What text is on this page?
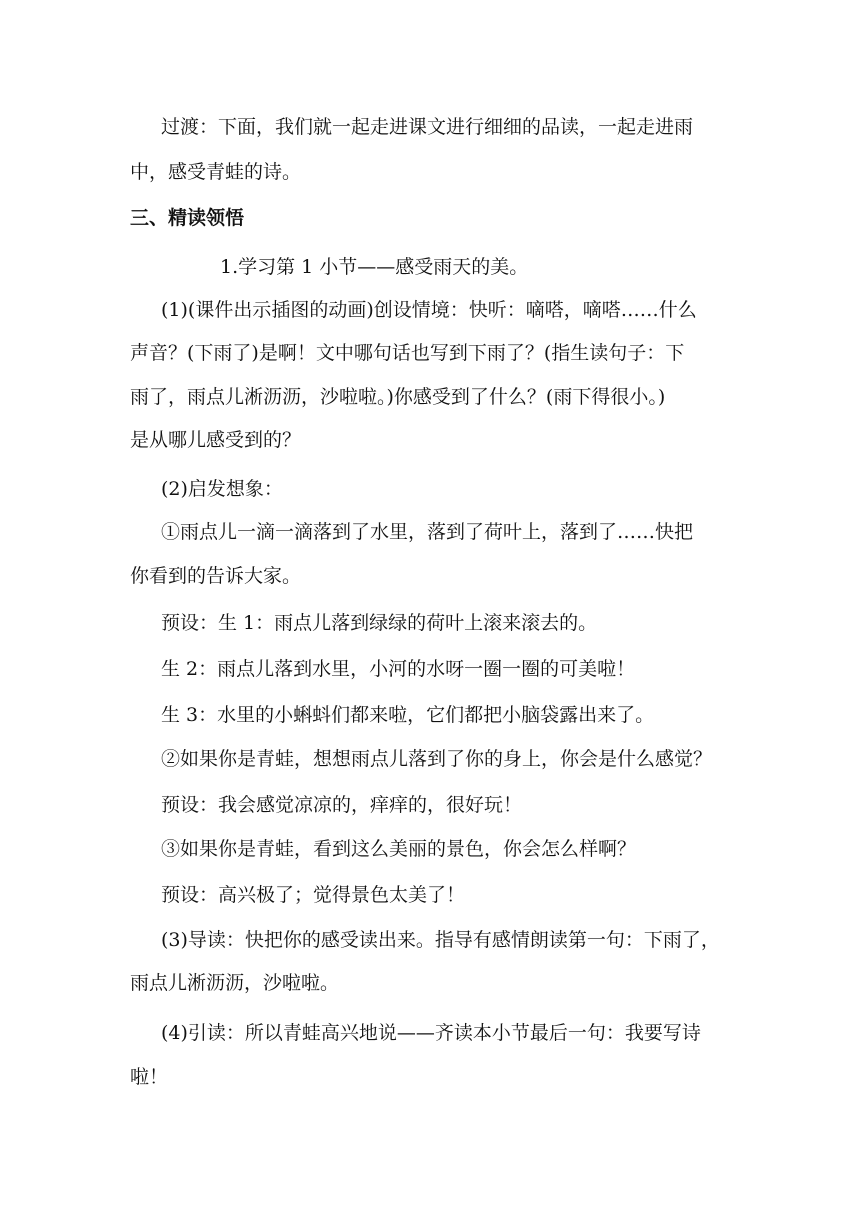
过渡：下面，我们就一起走进课文进行细细的品读，一起走进雨
中，感受青蛙的诗。
三、精读领悟
1.学习第 1 小节——感受雨天的美。
(1)(课件出示插图的动画)创设情境：快听：嘀嗒，嘀嗒……什么
声音？(下雨了)是啊！文中哪句话也写到下雨了？(指生读句子：下
雨了，雨点儿淅沥沥，沙啦啦。)你感受到了什么？(雨下得很小。)
是从哪儿感受到的？
(2)启发想象：
①雨点儿一滴一滴落到了水里，落到了荷叶上，落到了……快把
你看到的告诉大家。
预设：生 1：雨点儿落到绿绿的荷叶上滚来滚去的。
生 2：雨点儿落到水里，小河的水呀一圈一圈的可美啦！
生 3：水里的小蝌蚪们都来啦，它们都把小脑袋露出来了。
②如果你是青蛙，想想雨点儿落到了你的身上，你会是什么感觉？
预设：我会感觉凉凉的，痒痒的，很好玩！
③如果你是青蛙，看到这么美丽的景色，你会怎么样啊？
预设：高兴极了；觉得景色太美了！
(3)导读：快把你的感受读出来。指导有感情朗读第一句：下雨了，
雨点儿淅沥沥，沙啦啦。
(4)引读：所以青蛙高兴地说——齐读本小节最后一句：我要写诗
啦！
